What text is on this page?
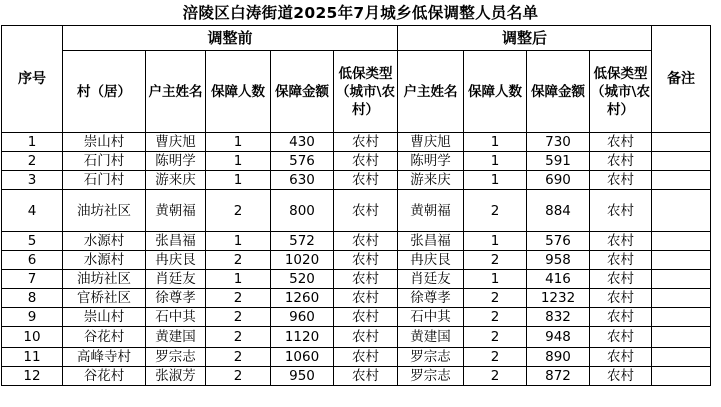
涪陵区白涛街道2025年7月城乡低保调整人员名单
序号	调整前					调整后				备注
	村（居）	户主姓名	保障人数	保障金额	低保类型（城市\农村）	户主姓名	保障人数	保障金额	低保类型（城市\农村）	
1	崇山村	曹庆旭	1	430	农村	曹庆旭	1	730	农村	
2	石门村	陈明学	1	576	农村	陈明学	1	591	农村	
3	石门村	游来庆	1	630	农村	游来庆	1	690	农村	
4	油坊社区	黄朝福	2	800	农村	黄朝福	2	884	农村	
5	水源村	张昌福	1	572	农村	张昌福	1	576	农村	
6	水源村	冉庆艮	2	1020	农村	冉庆艮	2	958	农村	
7	油坊社区	肖廷友	1	520	农村	肖廷友	1	416	农村	
8	官桥社区	徐尊孝	2	1260	农村	徐尊孝	2	1232	农村	
9	崇山村	石中其	2	960	农村	石中其	2	832	农村	
10	谷花村	黄建国	2	1120	农村	黄建国	2	948	农村	
11	高峰寺村	罗宗志	2	1060	农村	罗宗志	2	890	农村	
12	谷花村	张淑芳	2	950	农村	罗宗志	2	872	农村	
